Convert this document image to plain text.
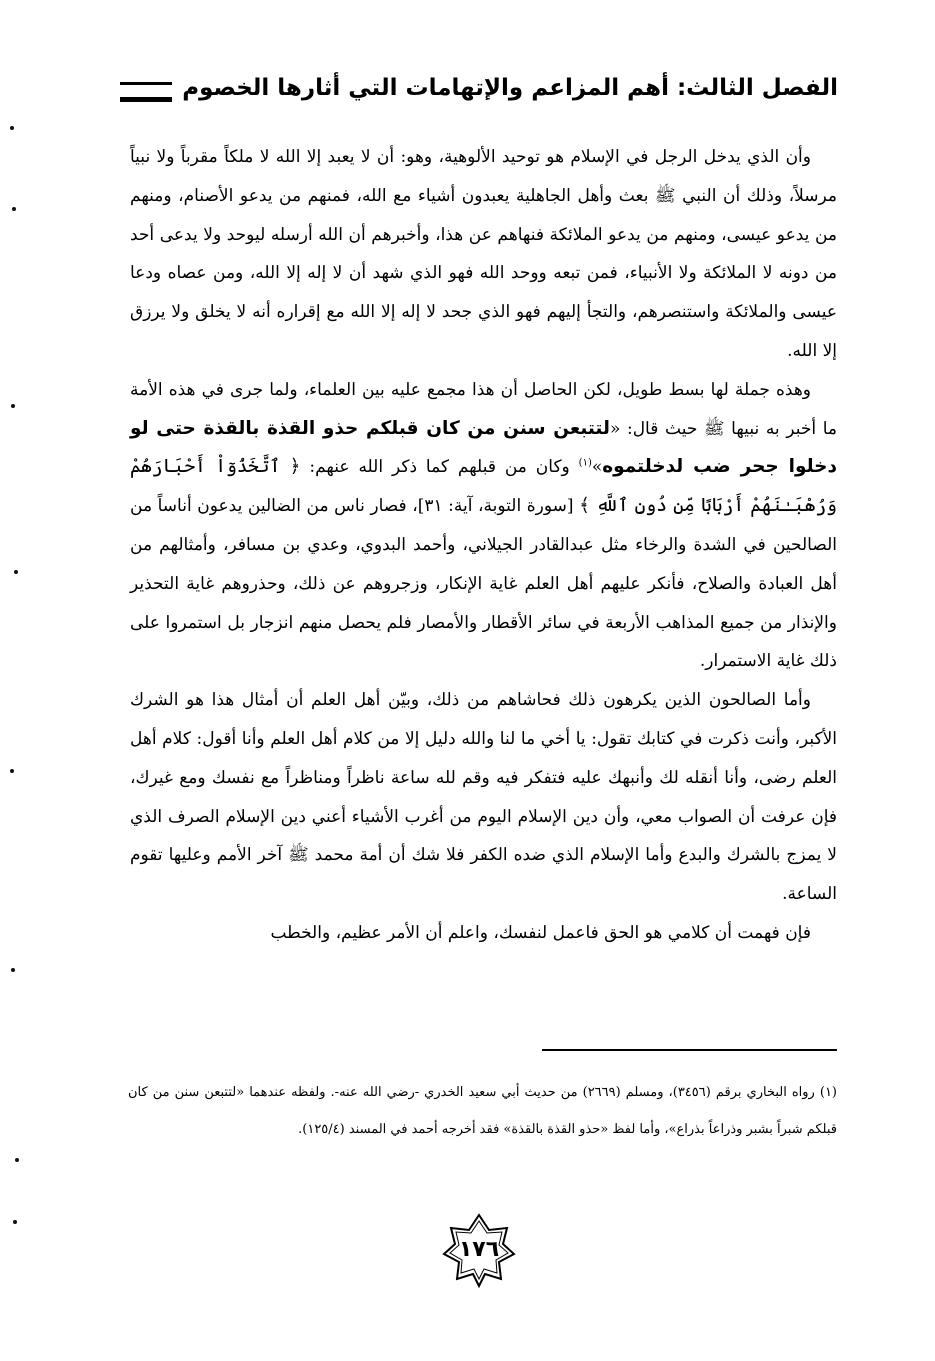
الفصل الثالث: أهم المزاعم والإتهامات التي أثارها الخصوم

وأن الذي يدخل الرجل في الإسلام هو توحيد الألوهية، وهو: أن لا يعبد إلا الله لا ملكاً مقرباً ولا نبياً مرسلاً، وذلك أن النبي ﷺ بعث وأهل الجاهلية يعبدون أشياء مع الله، فمنهم من يدعو الأصنام، ومنهم من يدعو عيسى، ومنهم من يدعو الملائكة فنهاهم عن هذا، وأخبرهم أن الله أرسله ليوحد ولا يدعى أحد من دونه لا الملائكة ولا الأنبياء، فمن تبعه ووحد الله فهو الذي شهد أن لا إله إلا الله، ومن عصاه ودعا عيسى والملائكة واستنصرهم، والتجأ إليهم فهو الذي جحد لا إله إلا الله مع إقراره أنه لا يخلق ولا يرزق إلا الله.

وهذه جملة لها بسط طويل، لكن الحاصل أن هذا مجمع عليه بين العلماء، ولما جرى في هذه الأمة ما أخبر به نبيها ﷺ حيث قال: «لتتبعن سنن من كان قبلكم حذو القذة بالقذة حتى لو دخلوا جحر ضب لدخلتموه»$^{(١)}$ وكان من قبلهم كما ذكر الله عنهم: ﴿ ٱتَّخَذُوٓاْ أَحْبَارَهُمْ وَرُهْبَـٰنَهُمْ أَرْبَابًا مِّن دُونِ ٱللَّهِ ﴾ [سورة التوبة، آية: ٣١]، فصار ناس من الضالين يدعون أناساً من الصالحين في الشدة والرخاء مثل عبدالقادر الجيلاني، وأحمد البدوي، وعدي بن مسافر، وأمثالهم من أهل العبادة والصلاح، فأنكر عليهم أهل العلم غاية الإنكار، وزجروهم عن ذلك، وحذروهم غاية التحذير والإنذار من جميع المذاهب الأربعة في سائر الأقطار والأمصار فلم يحصل منهم انزجار بل استمروا على ذلك غاية الاستمرار.

وأما الصالحون الذين يكرهون ذلك فحاشاهم من ذلك، وبيّن أهل العلم أن أمثال هذا هو الشرك الأكبر، وأنت ذكرت في كتابك تقول: يا أخي ما لنا والله دليل إلا من كلام أهل العلم وأنا أقول: كلام أهل العلم رضى، وأنا أنقله لك وأنبهك عليه فتفكر فيه وقم لله ساعة ناظراً ومناظراً مع نفسك ومع غيرك، فإن عرفت أن الصواب معي، وأن دين الإسلام اليوم من أغرب الأشياء أعني دين الإسلام الصرف الذي لا يمزج بالشرك والبدع وأما الإسلام الذي ضده الكفر فلا شك أن أمة محمد ﷺ آخر الأمم وعليها تقوم الساعة.

فإن فهمت أن كلامي هو الحق فاعمل لنفسك، واعلم أن الأمر عظيم، والخطب

(١) رواه البخاري برقم (٣٤٥٦)، ومسلم (٢٦٦٩) من حديث أبي سعيد الخدري -رضي الله عنه-. ولفظه عندهما «لتتبعن سنن من كان قبلكم شبراً بشبر وذراعاً بذراع»، وأما لفظ «حذو القذة بالقذة» فقد أخرجه أحمد في المسند (١٢٥/٤).

١٧٦
